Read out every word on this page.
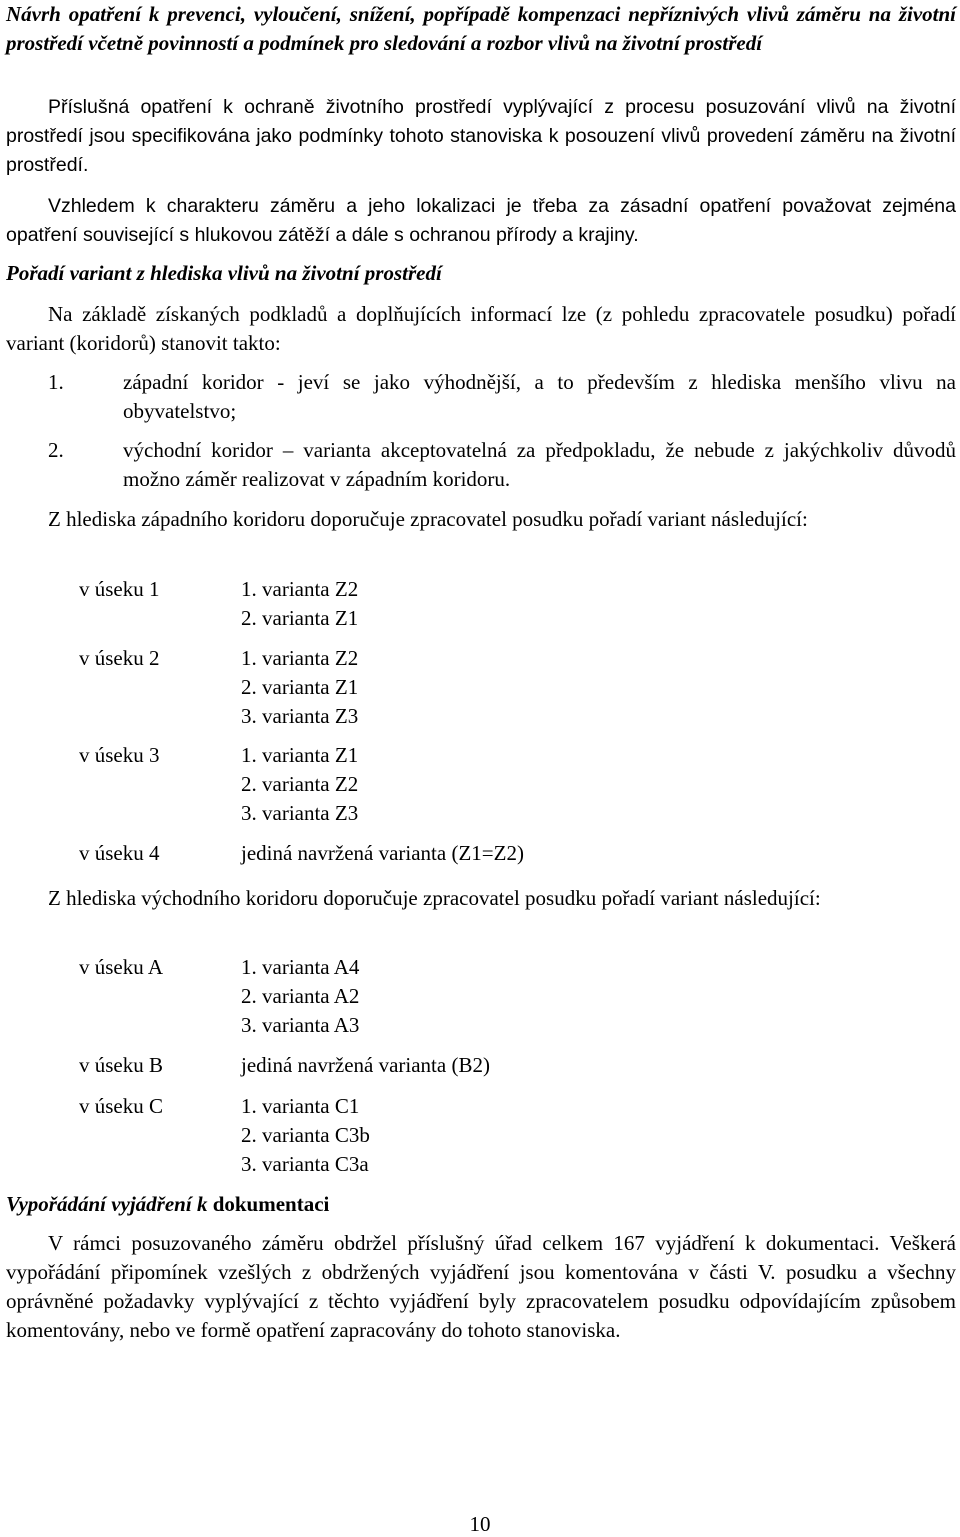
Návrh opatření k prevenci, vyloučení, snížení, popřípadě kompenzaci nepříznivých vlivů záměru na životní prostředí včetně povinností a podmínek pro sledování a rozbor vlivů na životní prostředí
Příslušná opatření k ochraně životního prostředí vyplývající z procesu posuzování vlivů na životní prostředí jsou specifikována jako podmínky tohoto stanoviska k posouzení vlivů provedení záměru na životní prostředí.
Vzhledem k charakteru záměru a jeho lokalizaci je třeba za zásadní opatření považovat zejména opatření související s hlukovou zátěží a dále s ochranou přírody a krajiny.
Pořadí variant z hlediska vlivů na životní prostředí
Na základě získaných podkladů a doplňujících informací lze (z pohledu zpracovatele posudku) pořadí variant (koridorů) stanovit takto:
1.	západní koridor - jeví se jako výhodnější, a to především z hlediska menšího vlivu na obyvatelstvo;
2.	východní koridor – varianta akceptovatelná za předpokladu, že nebude z jakýchkoliv důvodů možno záměr realizovat v západním koridoru.
Z hlediska západního koridoru doporučuje zpracovatel posudku pořadí variant následující:
v úseku 1	1. varianta Z2
2. varianta Z1
v úseku 2	1. varianta Z2
2. varianta Z1
3. varianta Z3
v úseku 3	1. varianta Z1
2. varianta Z2
3. varianta Z3
v úseku 4	jediná navržená varianta (Z1=Z2)
Z hlediska východního koridoru doporučuje zpracovatel posudku pořadí variant následující:
v úseku A	1. varianta A4
2. varianta A2
3. varianta A3
v úseku B	jediná navržená varianta (B2)
v úseku C	1. varianta C1
2. varianta C3b
3. varianta C3a
Vypořádání vyjádření k dokumentaci
V rámci posuzovaného záměru obdržel příslušný úřad celkem 167 vyjádření k dokumentaci. Veškerá vypořádání připomínek vzešlých z obdržených vyjádření jsou komentována v části V. posudku a všechny oprávněné požadavky vyplývající z těchto vyjádření byly zpracovatelem posudku odpovídajícím způsobem komentovány, nebo ve formě opatření zapracovány do tohoto stanoviska.
10
